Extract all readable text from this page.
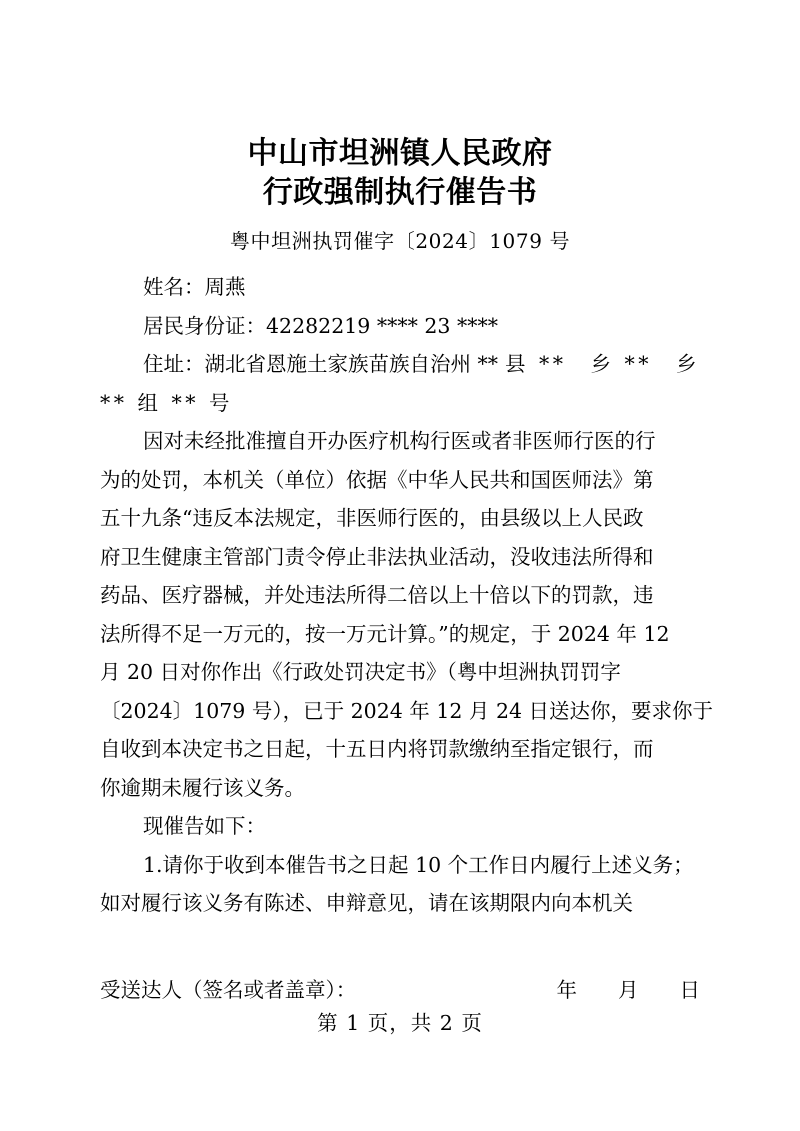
中山市坦洲镇人民政府
行政强制执行催告书
粤中坦洲执罚催字〔2024〕1079 号
姓名：周燕
居民身份证：42282219 **** 23 ****
住址：湖北省恩施土家族苗族自治州 ** 县 **　乡 **　乡
** 组 ** 号
因对未经批准擅自开办医疗机构行医或者非医师行医的行
为的处罚，本机关（单位）依据《中华人民共和国医师法》第
五十九条“违反本法规定，非医师行医的，由县级以上人民政
府卫生健康主管部门责令停止非法执业活动，没收违法所得和
药品、医疗器械，并处违法所得二倍以上十倍以下的罚款，违
法所得不足一万元的，按一万元计算。”的规定，于 2024 年 12
月 20 日对你作出《行政处罚决定书》（粤中坦洲执罚罚字
〔2024〕1079 号），已于 2024 年 12 月 24 日送达你，要求你于
自收到本决定书之日起，十五日内将罚款缴纳至指定银行，而
你逾期未履行该义务。
现催告如下：
1.请你于收到本催告书之日起 10 个工作日内履行上述义务；
如对履行该义务有陈述、申辩意见，请在该期限内向本机关
受送达人（签名或者盖章）：	年　　月　　日
第 1 页，共 2 页
